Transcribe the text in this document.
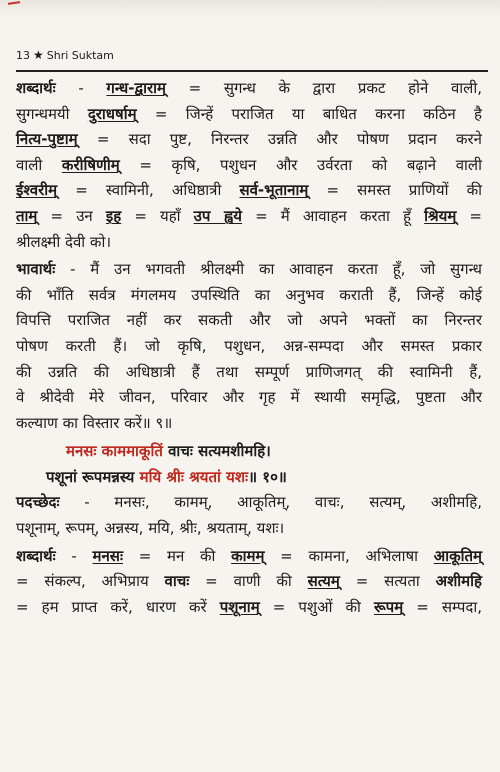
13 ★ Shri Suktam

शब्दार्थः - गन्ध-द्वाराम् = सुगन्ध के द्वारा प्रकट होने वाली,

सुगन्धमयी दुराधर्षाम् = जिन्हें पराजित या बाधित करना कठिन है

नित्य-पुष्टाम् = सदा पुष्ट, निरन्तर उन्नति और पोषण प्रदान करने

वाली करीषिणीम् = कृषि, पशुधन और उर्वरता को बढ़ाने वाली

ईश्वरीम् = स्वामिनी, अधिष्ठात्री सर्व-भूतानाम् = समस्त प्राणियों की

ताम् = उन इह = यहाँ उप ह्वये = मैं आवाहन करता हूँ श्रियम् =

श्रीलक्ष्मी देवी को।

भावार्थः - मैं उन भगवती श्रीलक्ष्मी का आवाहन करता हूँ, जो सुगन्ध

की भाँति सर्वत्र मंगलमय उपस्थिति का अनुभव कराती हैं, जिन्हें कोई

विपत्ति पराजित नहीं कर सकती और जो अपने भक्तों का निरन्तर

पोषण करती हैं। जो कृषि, पशुधन, अन्न-सम्पदा और समस्त प्रकार

की उन्नति की अधिष्ठात्री हैं तथा सम्पूर्ण प्राणिजगत् की स्वामिनी हैं,

वे श्रीदेवी मेरे जीवन, परिवार और गृह में स्थायी समृद्धि, पुष्टता और

कल्याण का विस्तार करें॥ ९॥

मनसः काममाकूतिं वाचः सत्यमशीमहि।

पशूनां रूपमन्नस्य मयि श्रीः श्रयतां यशः॥ १०॥

पदच्छेदः - मनसः, कामम्, आकूतिम्, वाचः, सत्यम्, अशीमहि,

पशूनाम्, रूपम्, अन्नस्य, मयि, श्रीः, श्रयताम्, यशः।

शब्दार्थः - मनसः = मन की कामम् = कामना, अभिलाषा आकूतिम्

= संकल्प, अभिप्राय वाचः = वाणी की सत्यम् = सत्यता अशीमहि

= हम प्राप्त करें, धारण करें पशूनाम् = पशुओं की रूपम् = सम्पदा,
